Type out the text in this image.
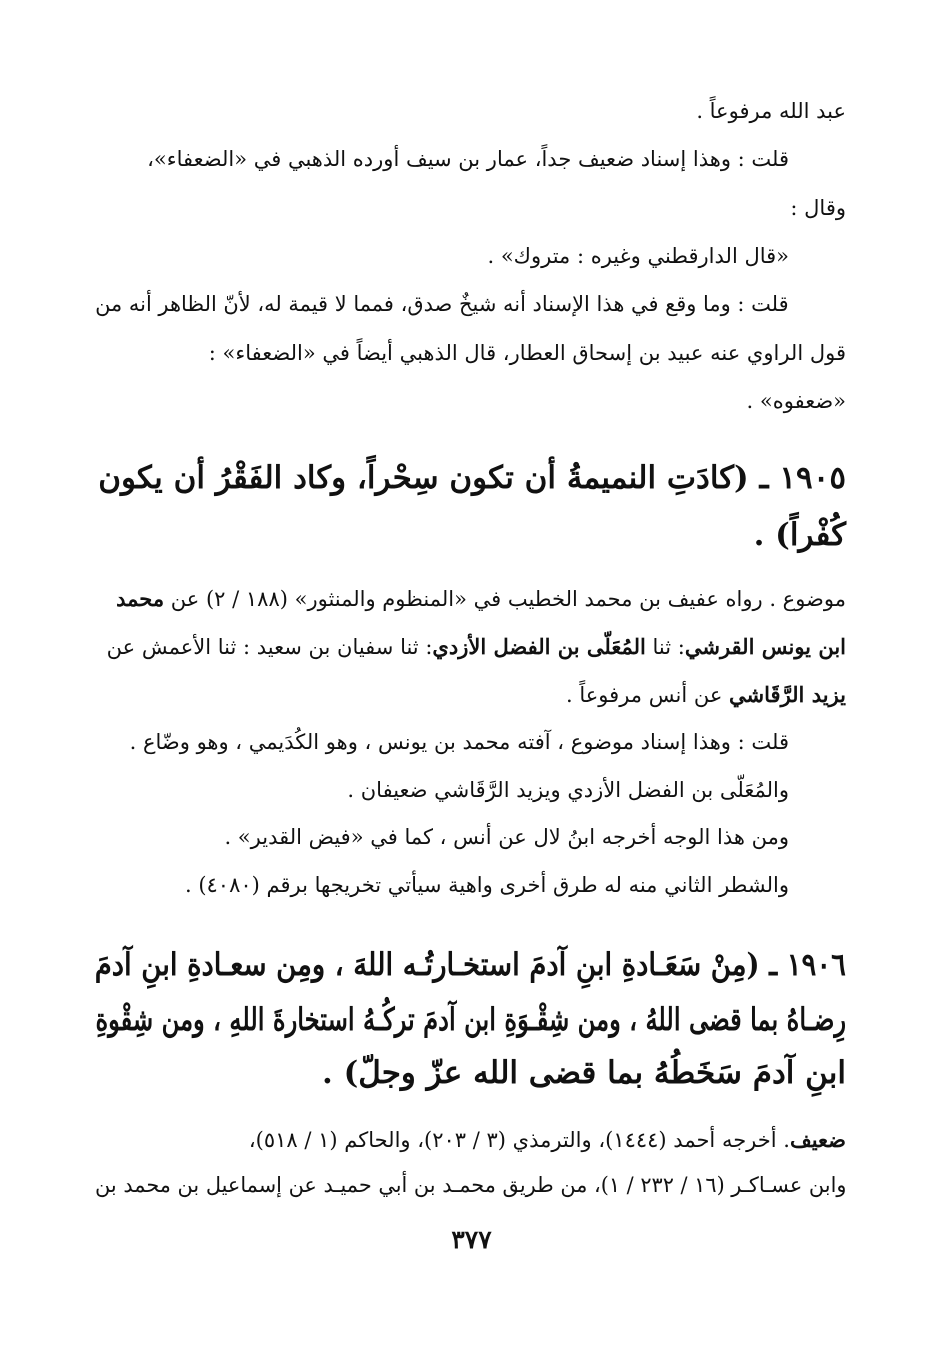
عبد الله مرفوعاً .
قلت : وهذا إسناد ضعيف جداً، عمار بن سيف أورده الذهبي في «الضعفاء»،
وقال :
«قال الدارقطني وغيره : متروك» .
قلت : وما وقع في هذا الإسناد أنه شيخٌ صدق، فمما لا قيمة له، لأنّ الظاهر أنه من
قول الراوي عنه عبيد بن إسحاق العطار، قال الذهبي أيضاً في «الضعفاء» :
«ضعفوه» .
١٩٠٥ ـ (كادَتِ النميمةُ أن تكون سِحْراً، وكاد الفَقْرُ أن يكون
كُفْراً) .
موضوع . رواه عفيف بن محمد الخطيب في «المنظوم والمنثور» (١٨٨ / ٢) عن محمد
ابن يونس القرشي: ثنا المُعَلّى بن الفضل الأزدي: ثنا سفيان بن سعيد : ثنا الأعمش عن
يزيد الرَّقَاشي عن أنس مرفوعاً .
قلت : وهذا إسناد موضوع ، آفته محمد بن يونس ، وهو الكُدَيمي ، وهو وضّاع .
والمُعَلّى بن الفضل الأزدي ويزيد الرَّقَاشي ضعيفان .
ومن هذا الوجه أخرجه ابنُ لال عن أنس ، كما في «فيض القدير» .
والشطر الثاني منه له طرق أخرى واهية سيأتي تخريجها برقم (٤٠٨٠) .
١٩٠٦ ـ (مِنْ سَعَـادةِ ابنِ آدمَ استخـارتُـه اللهَ ، ومِن سعـادةِ ابنِ آدمَ
رِضـاهُ بما قضى اللهُ ، ومن شِقْـوَةِ ابن آدمَ تركُـهُ استخارةَ اللهِ ، ومن شِقْوةِ
ابنِ آدمَ سَخَطُهُ بما قضى الله عزّ وجلّ) .
ضعيف. أخرجه أحمد (١٤٤٤)، والترمذي (٣ / ٢٠٣)، والحاكم (١ / ٥١٨)،
وابن عسـاكـر (١٦ / ٢٣٢ / ١)، من طريق محمـد بن أبي حميـد عن إسماعيل بن محمد بن
٣٧٧
